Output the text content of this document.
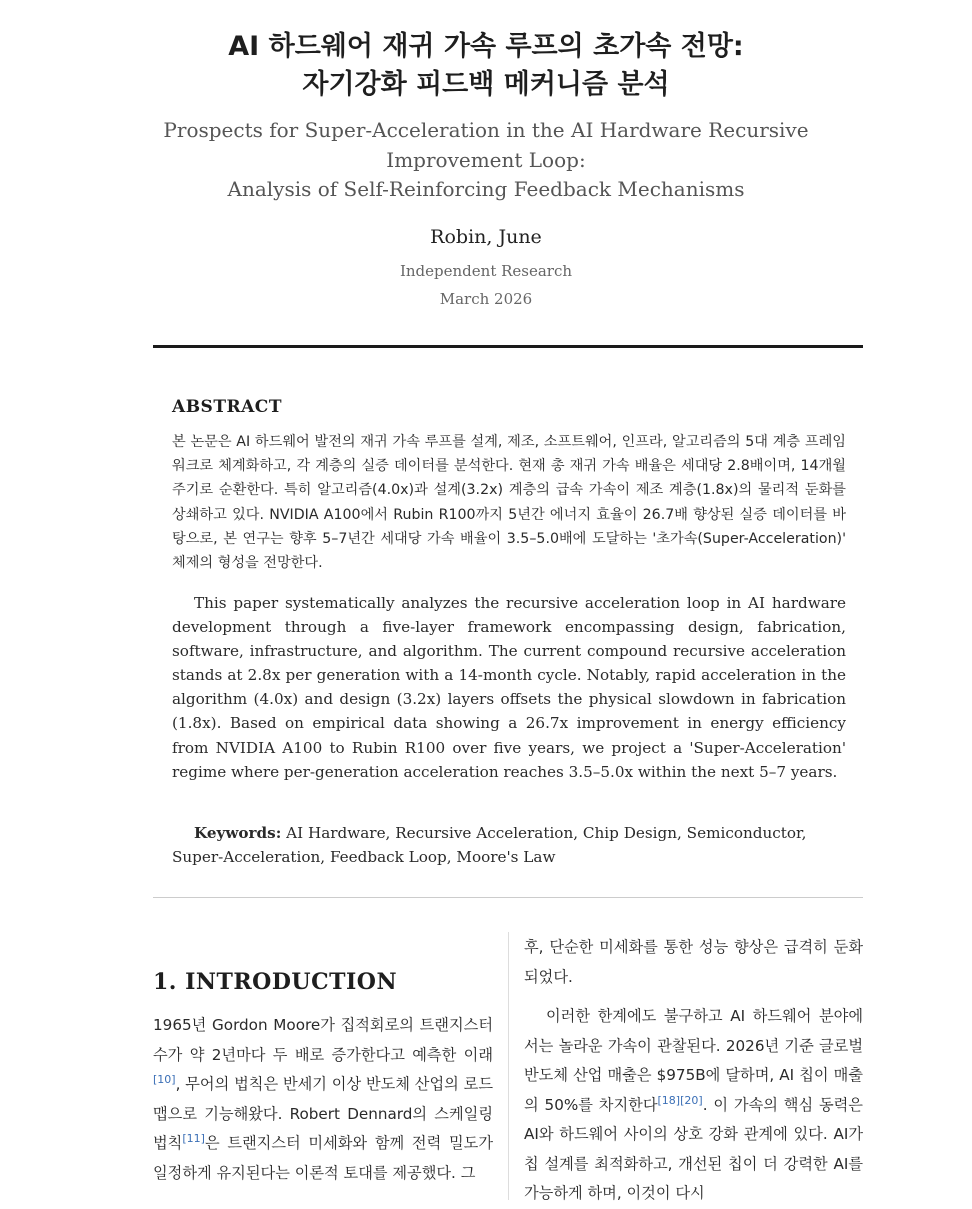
AI 하드웨어 재귀 가속 루프의 초가속 전망:
자기강화 피드백 메커니즘 분석
Prospects for Super-Acceleration in the AI Hardware Recursive
Improvement Loop:
Analysis of Self-Reinforcing Feedback Mechanisms
Robin, June
Independent Research
March 2026
ABSTRACT
본 논문은 AI 하드웨어 발전의 재귀 가속 루프를 설계, 제조, 소프트웨어, 인프라, 알고리즘의 5대 계층 프레임워크로 체계화하고, 각 계층의 실증 데이터를 분석한다. 현재 총 재귀 가속 배율은 세대당 2.8배이며, 14개월 주기로 순환한다. 특히 알고리즘(4.0x)과 설계(3.2x) 계층의 급속 가속이 제조 계층(1.8x)의 물리적 둔화를 상쇄하고 있다. NVIDIA A100에서 Rubin R100까지 5년간 에너지 효율이 26.7배 향상된 실증 데이터를 바탕으로, 본 연구는 향후 5–7년간 세대당 가속 배율이 3.5–5.0배에 도달하는 '초가속(Super-Acceleration)' 체제의 형성을 전망한다.
This paper systematically analyzes the recursive acceleration loop in AI hardware development through a five-layer framework encompassing design, fabrication, software, infrastructure, and algorithm. The current compound recursive acceleration stands at 2.8x per generation with a 14-month cycle. Notably, rapid acceleration in the algorithm (4.0x) and design (3.2x) layers offsets the physical slowdown in fabrication (1.8x). Based on empirical data showing a 26.7x improvement in energy efficiency from NVIDIA A100 to Rubin R100 over five years, we project a 'Super-Acceleration' regime where per-generation acceleration reaches 3.5–5.0x within the next 5–7 years.
Keywords: AI Hardware, Recursive Acceleration, Chip Design, Semiconductor, Super-Acceleration, Feedback Loop, Moore's Law
1. INTRODUCTION
1965년 Gordon Moore가 집적회로의 트랜지스터 수가 약 2년마다 두 배로 증가한다고 예측한 이래[10], 무어의 법칙은 반세기 이상 반도체 산업의 로드맵으로 기능해왔다. Robert Dennard의 스케일링 법칙[11]은 트랜지스터 미세화와 함께 전력 밀도가 일정하게 유지된다는 이론적 토대를 제공했다. 그
후, 단순한 미세화를 통한 성능 향상은 급격히 둔화되었다.
이러한 한계에도 불구하고 AI 하드웨어 분야에서는 놀라운 가속이 관찰된다. 2026년 기준 글로벌 반도체 산업 매출은 $975B에 달하며, AI 칩이 매출의 50%를 차지한다[18][20]. 이 가속의 핵심 동력은 AI와 하드웨어 사이의 상호 강화 관계에 있다. AI가 칩 설계를 최적화하고, 개선된 칩이 더 강력한 AI를 가능하게 하며, 이것이 다시
